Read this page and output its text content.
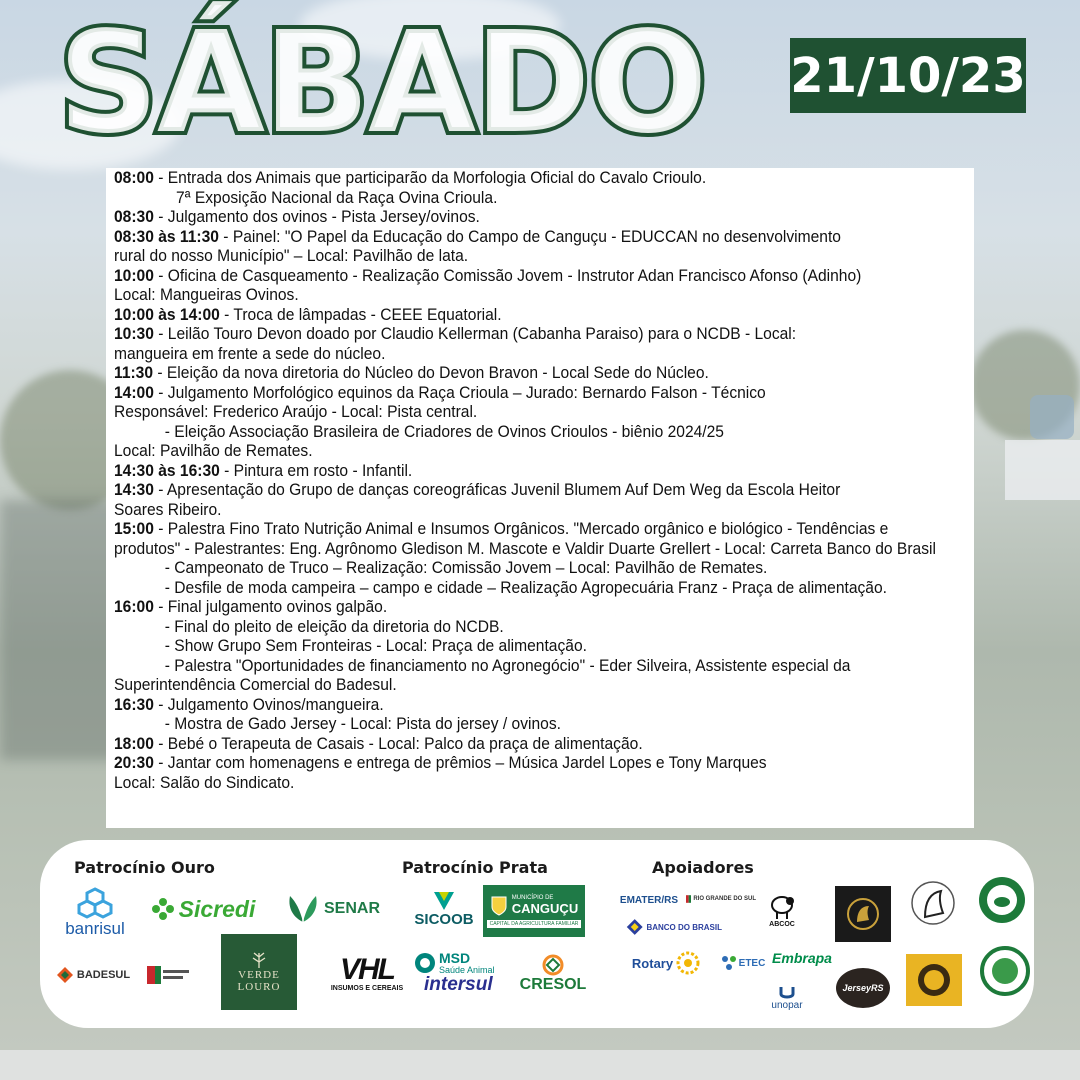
SÁBADO 21/10/23
08:00 - Entrada dos Animais que participarão da Morfologia Oficial do Cavalo Crioulo.
7ª Exposição Nacional da Raça Ovina Crioula.
08:30 - Julgamento dos ovinos - Pista Jersey/ovinos.
08:30 às 11:30 - Painel: "O Papel da Educação do Campo de Canguçu - EDUCCAN no desenvolvimento
rural do nosso Município" – Local: Pavilhão de lata.
10:00 - Oficina de Casqueamento - Realização Comissão Jovem - Instrutor Adan Francisco Afonso (Adinho)
Local: Mangueiras Ovinos.
10:00 às 14:00 - Troca de lâmpadas - CEEE Equatorial.
10:30 - Leilão Touro Devon doado por Claudio Kellerman (Cabanha Paraiso) para o NCDB - Local:
mangueira em frente a sede do núcleo.
11:30 - Eleição da nova diretoria do Núcleo do Devon Bravon - Local Sede do Núcleo.
14:00 - Julgamento Morfológico equinos da Raça Crioula – Jurado: Bernardo Falson - Técnico
Responsável: Frederico Araújo - Local: Pista central.
- Eleição Associação Brasileira de Criadores de Ovinos Crioulos - biênio 2024/25
Local: Pavilhão de Remates.
14:30 às 16:30 - Pintura em rosto - Infantil.
14:30 - Apresentação do Grupo de danças coreográficas Juvenil Blumem Auf Dem Weg da Escola Heitor
Soares Ribeiro.
15:00 - Palestra Fino Trato Nutrição Animal e Insumos Orgânicos. "Mercado orgânico e biológico - Tendências e
produtos" - Palestrantes: Eng. Agrônomo Gledison M. Mascote e Valdir Duarte Grellert - Local: Carreta Banco do Brasil
- Campeonato de Truco – Realização: Comissão Jovem – Local: Pavilhão de Remates.
- Desfile de moda campeira – campo e cidade – Realização Agropecuária Franz - Praça de alimentação.
16:00 - Final julgamento ovinos galpão.
- Final do pleito de eleição da diretoria do NCDB.
- Show Grupo Sem Fronteiras - Local: Praça de alimentação.
- Palestra "Oportunidades de financiamento no Agronegócio" - Eder Silveira, Assistente especial da
Superintendência Comercial do Badesul.
16:30 - Julgamento Ovinos/mangueira.
- Mostra de Gado Jersey - Local: Pista do jersey / ovinos.
18:00 - Bebé o Terapeuta de Casais - Local: Palco da praça de alimentação.
20:30 - Jantar com homenagens e entrega de prêmios – Música Jardel Lopes e Tony Marques
Local: Salão do Sindicato.
Patrocínio Ouro	Patrocínio Prata	Apoiadores
banrisul
Sicredi	SENAR
BADESUL	VERDE
LOURO
SICOOB
MUNICÍPIO DE
CANGUÇU
CAPITAL DA AGRICULTURA FAMILIAR
VHL
INSUMOS E CEREAIS
MSD
Saúde Animal
intersul CRESOL
EMATER/RS	RIO GRANDE DO SUL
ABCOC
BANCO DO BRASIL
Rotary	ETEC Embrapa
unopar
JerseyRS
